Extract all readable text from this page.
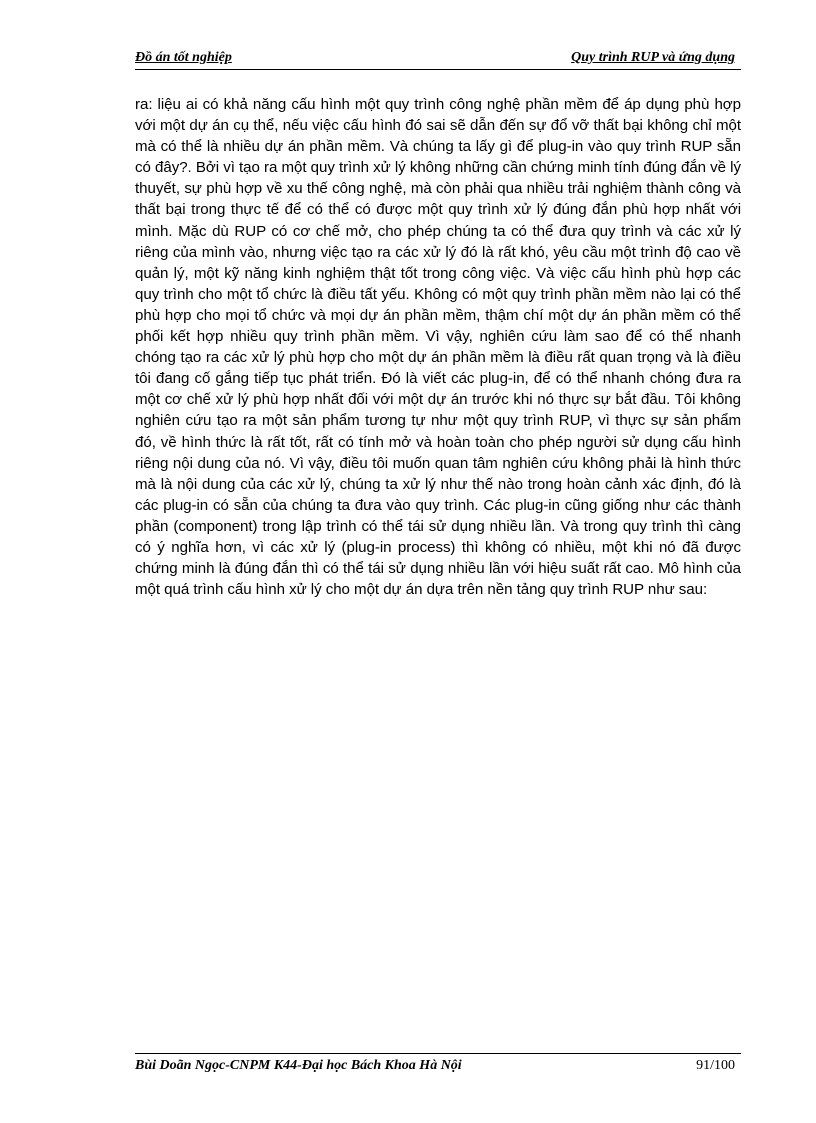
Đồ án tốt nghiệp	Quy trình RUP và ứng dụng

ra: liệu ai có khả năng cấu hình một quy trình công nghệ phần mềm để áp dụng phù hợp với một dự án cụ thể, nếu việc cấu hình đó sai sẽ dẫn đến sự đổ vỡ thất bại không chỉ một mà có thể là nhiều dự án phần mềm. Và chúng ta lấy gì để plug-in vào quy trình RUP sẵn có đây?. Bởi vì tạo ra một quy trình xử lý không những cần chứng minh tính đúng đắn về lý thuyết, sự phù hợp về xu thế công nghệ, mà còn phải qua nhiều trải nghiệm thành công và thất bại trong thực tế để có thể có được một quy trình xử lý đúng đắn phù hợp nhất với mình. Mặc dù RUP có cơ chế mở, cho phép chúng ta có thể đưa quy trình và các xử lý riêng của mình vào, nhưng việc tạo ra các xử lý đó là rất khó, yêu cầu một trình độ cao về quản lý, một kỹ năng kinh nghiệm thật tốt trong công việc. Và việc cấu hình phù hợp các quy trình cho một tổ chức là điều tất yếu. Không có một quy trình phần mềm nào lại có thể phù hợp cho mọi tổ chức và mọi dự án phần mềm, thậm chí một dự án phần mềm có thể phối kết hợp nhiều quy trình phần mềm. Vì vậy, nghiên cứu làm sao để có thể nhanh chóng tạo ra các xử lý phù hợp cho một dự án phần mềm là điều rất quan trọng và là điều tôi đang cố gắng tiếp tục phát triển. Đó là viết các plug-in, để có thể nhanh chóng đưa ra một cơ chế xử lý phù hợp nhất đối với một dự án trước khi nó thực sự bắt đầu. Tôi không nghiên cứu tạo ra một sản phẩm tương tự như một quy trình RUP, vì thực sự sản phẩm đó, về hình thức là rất tốt, rất có tính mở và hoàn toàn cho phép người sử dụng cấu hình riêng nội dung của nó. Vì vậy, điều tôi muốn quan tâm nghiên cứu không phải là hình thức mà là nội dung của các xử lý, chúng ta xử lý như thế nào trong hoàn cảnh xác định, đó là các plug-in có sẵn của chúng ta đưa vào quy trình. Các plug-in cũng giống như các thành phần (component) trong lập trình có thể tái sử dụng nhiều lần. Và trong quy trình thì càng có ý nghĩa hơn, vì các xử lý (plug-in process) thì không có nhiều, một khi nó đã được chứng minh là đúng đắn thì có thể tái sử dụng nhiều lần với hiệu suất rất cao. Mô hình của một quá trình cấu hình xử lý cho một dự án dựa trên nền tảng quy trình RUP như sau:

Bùi Doãn Ngọc-CNPM K44-Đại học Bách Khoa Hà Nội	91/100
